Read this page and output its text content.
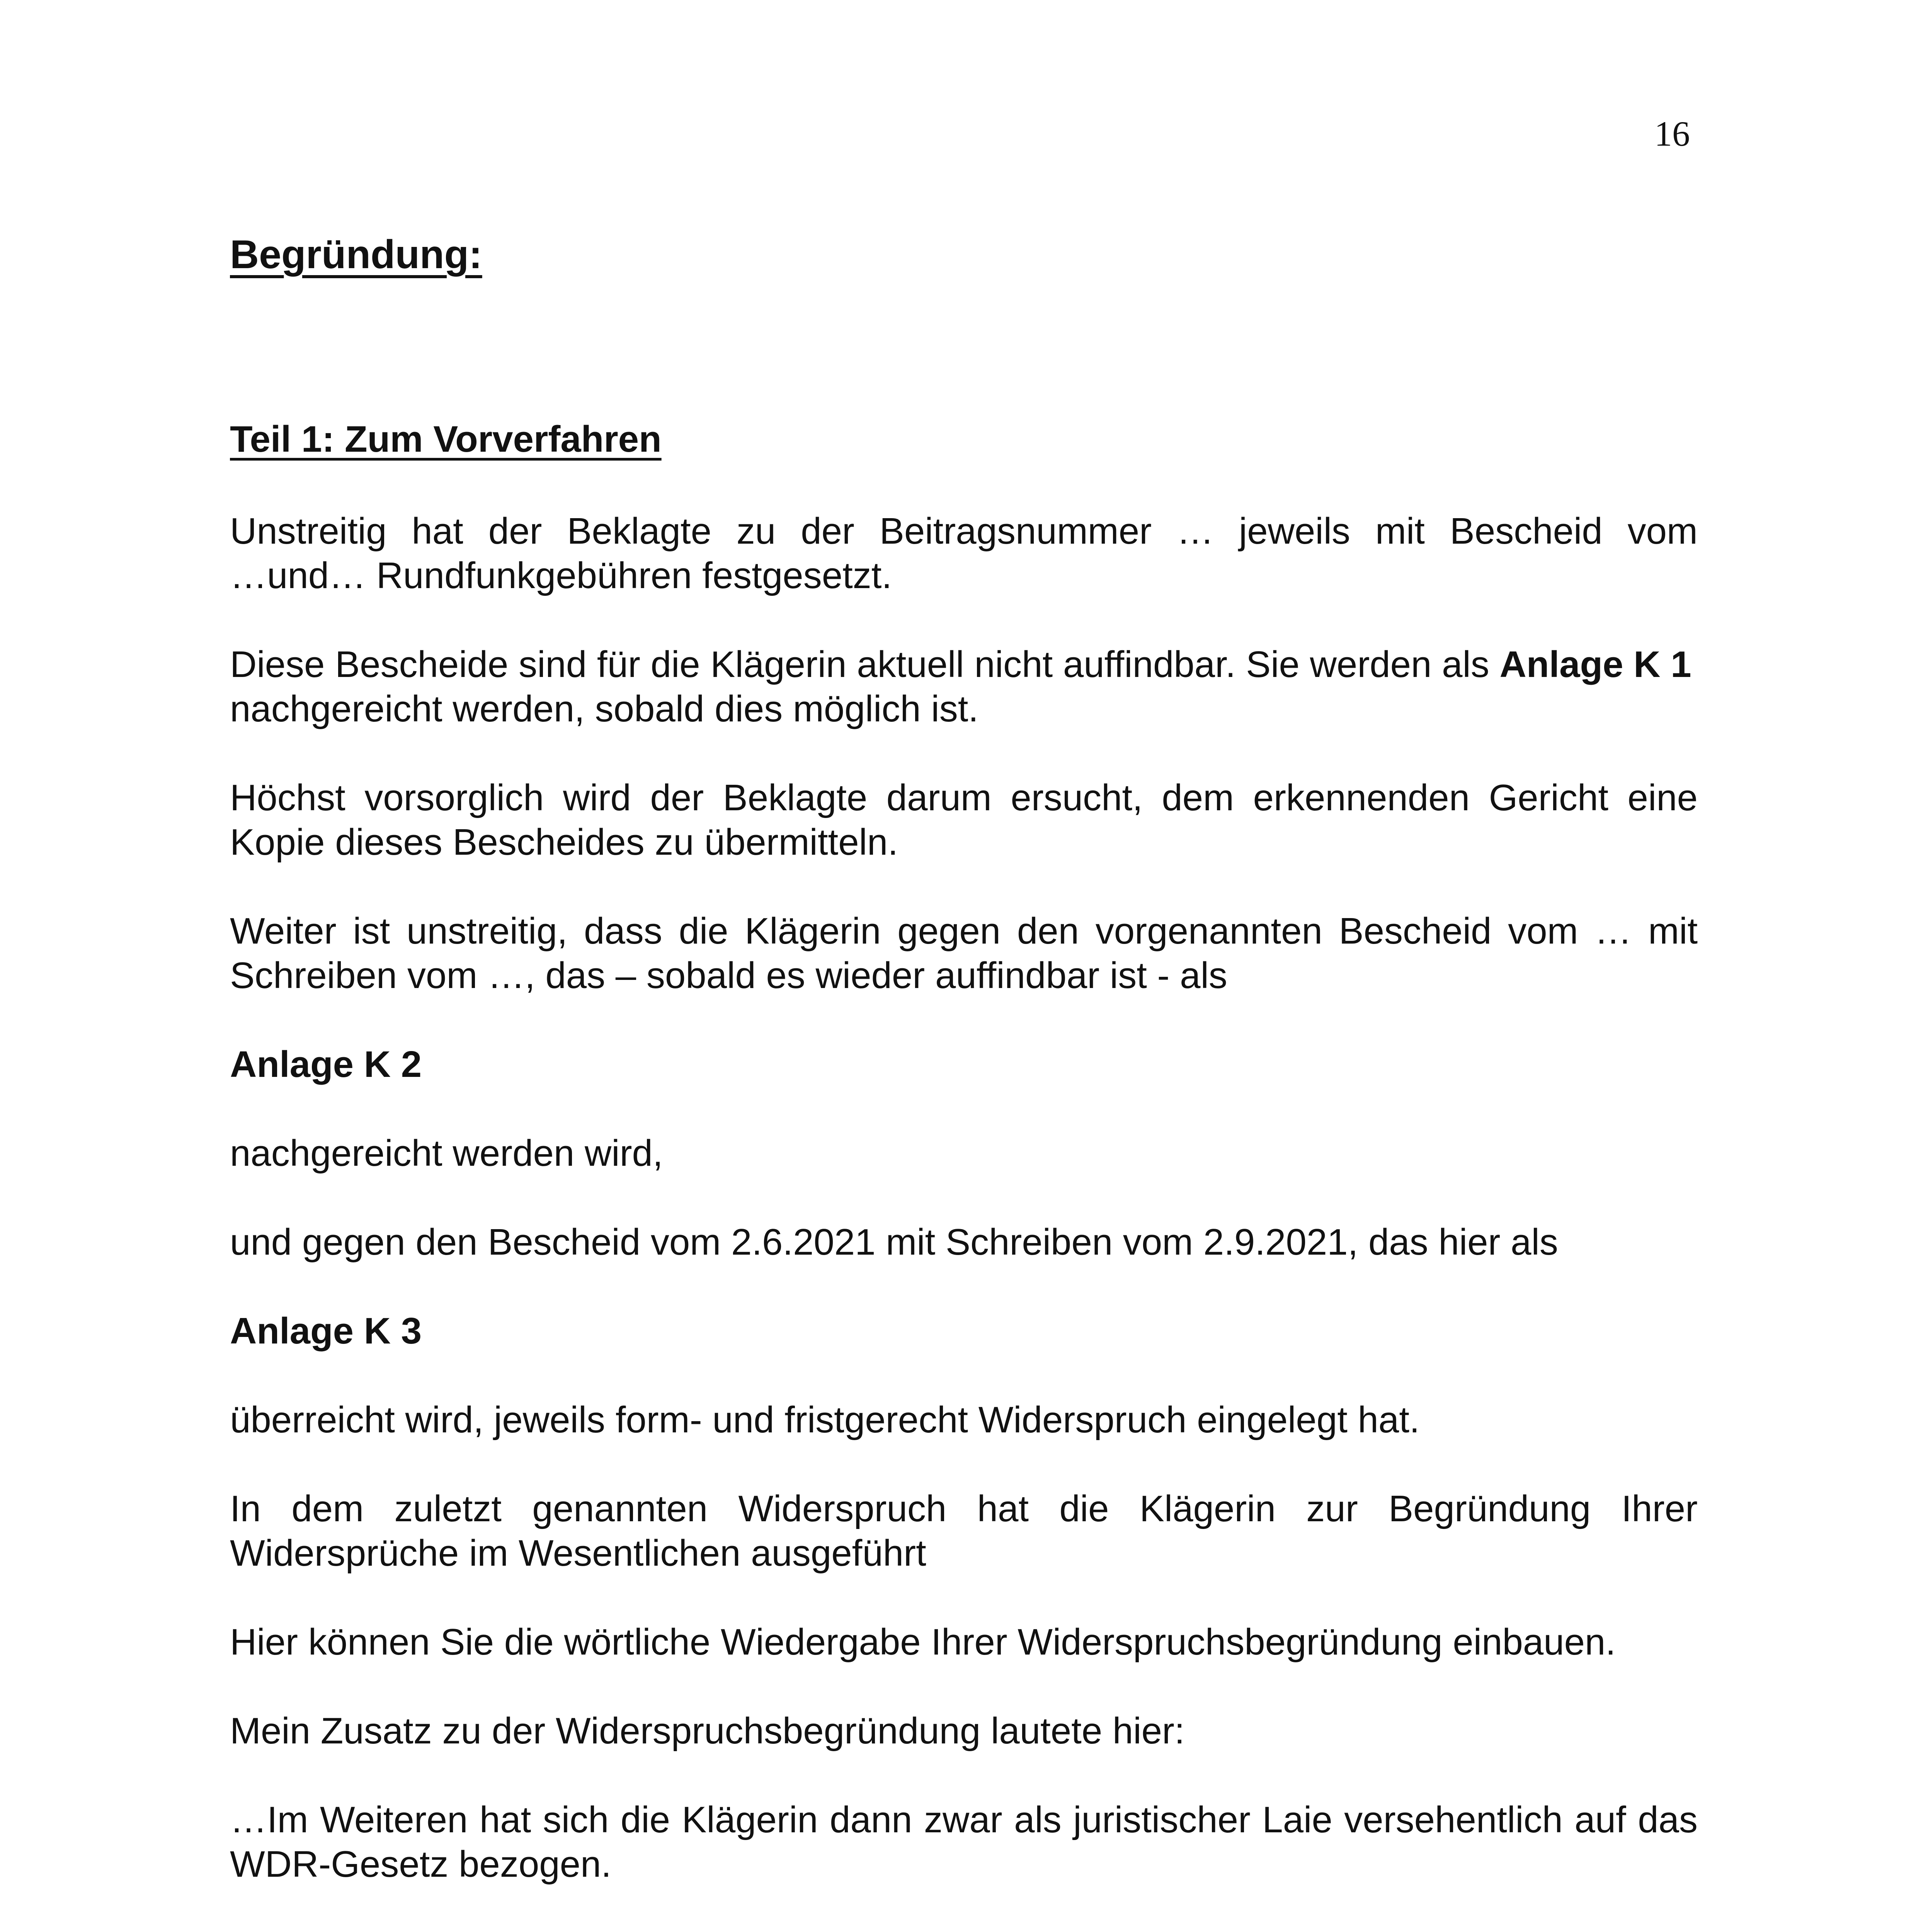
16
Begründung:
Teil 1: Zum Vorverfahren

Unstreitig hat der Beklagte zu der Beitragsnummer … jeweils mit Bescheid vom
…und… Rundfunkgebühren festgesetzt.

Diese Bescheide sind für die Klägerin aktuell nicht auffindbar. Sie werden als Anlage K 1 nachgereicht werden, sobald dies möglich ist.

Höchst vorsorglich wird der Beklagte darum ersucht, dem erkennenden Gericht eine Kopie dieses Bescheides zu übermitteln.

Weiter ist unstreitig, dass die Klägerin gegen den vorgenannten Bescheid vom … mit Schreiben vom …, das – sobald es wieder auffindbar ist - als

Anlage K 2

nachgereicht werden wird,

und gegen den Bescheid vom 2.6.2021 mit Schreiben vom 2.9.2021, das hier als

Anlage K 3

überreicht wird, jeweils form- und fristgerecht Widerspruch eingelegt hat.

In dem zuletzt genannten Widerspruch hat die Klägerin zur Begründung Ihrer Widersprüche im Wesentlichen ausgeführt

Hier können Sie die wörtliche Wiedergabe Ihrer Widerspruchsbegründung einbauen.

Mein Zusatz zu der Widerspruchsbegründung lautete hier:

…Im Weiteren hat sich die Klägerin dann zwar als juristischer Laie versehentlich auf das WDR-Gesetz bezogen.
